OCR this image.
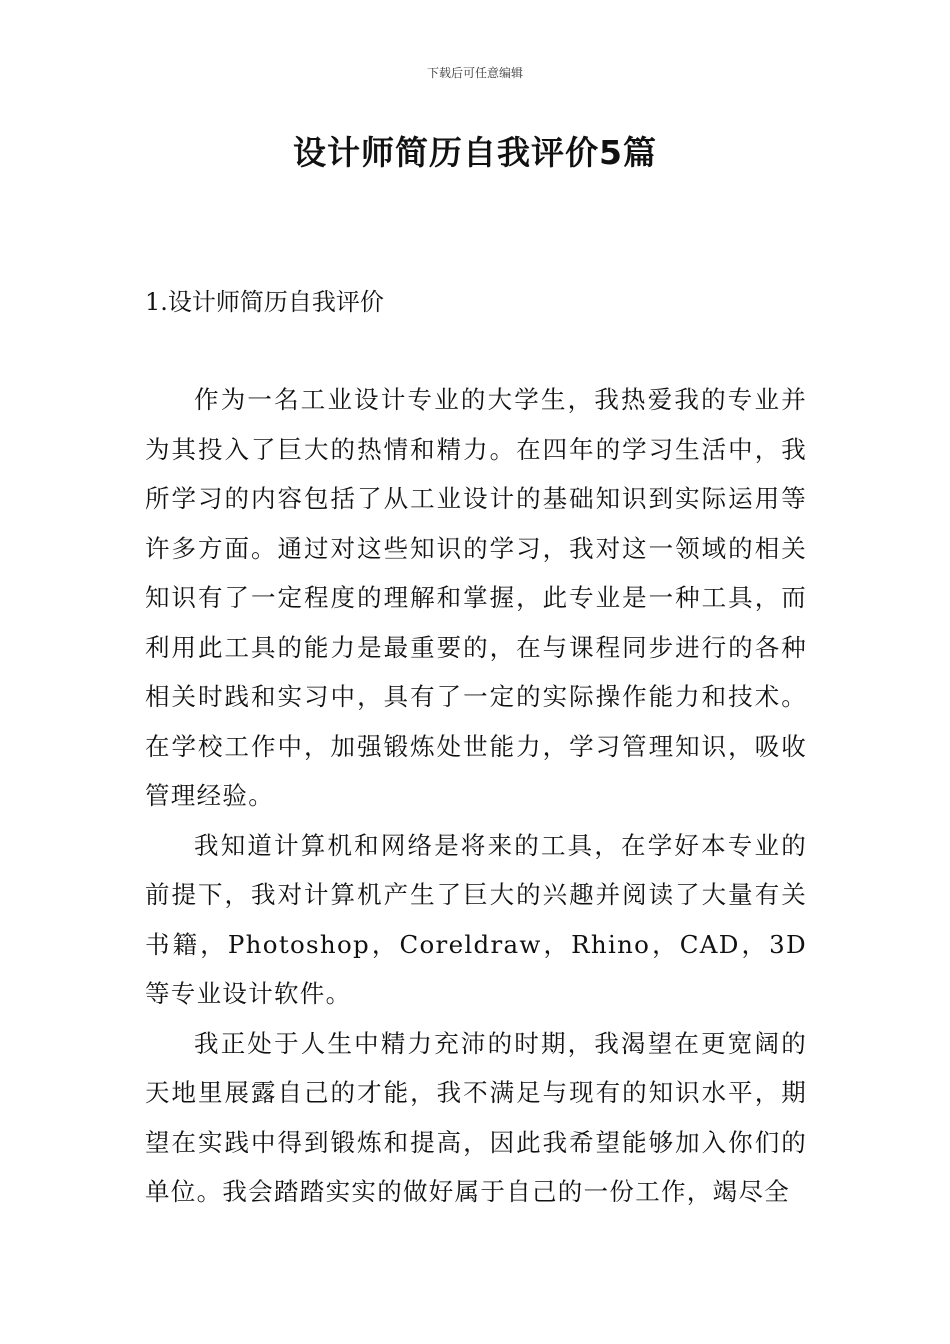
下载后可任意编辑
设计师简历自我评价5篇
1.设计师简历自我评价

作为一名工业设计专业的大学生，我热爱我的专业并为其投入了巨大的热情和精力。在四年的学习生活中，我所学习的内容包括了从工业设计的基础知识到实际运用等许多方面。通过对这些知识的学习，我对这一领域的相关知识有了一定程度的理解和掌握，此专业是一种工具，而利用此工具的能力是最重要的，在与课程同步进行的各种相关时践和实习中，具有了一定的实际操作能力和技术。在学校工作中，加强锻炼处世能力，学习管理知识，吸收管理经验。

我知道计算机和网络是将来的工具，在学好本专业的前提下，我对计算机产生了巨大的兴趣并阅读了大量有关书籍，Photoshop，Coreldraw，Rhino，CAD，3D等专业设计软件。

我正处于人生中精力充沛的时期，我渴望在更宽阔的天地里展露自己的才能，我不满足与现有的知识水平，期望在实践中得到锻炼和提高，因此我希望能够加入你们的单位。我会踏踏实实的做好属于自己的一份工作，竭尽全
